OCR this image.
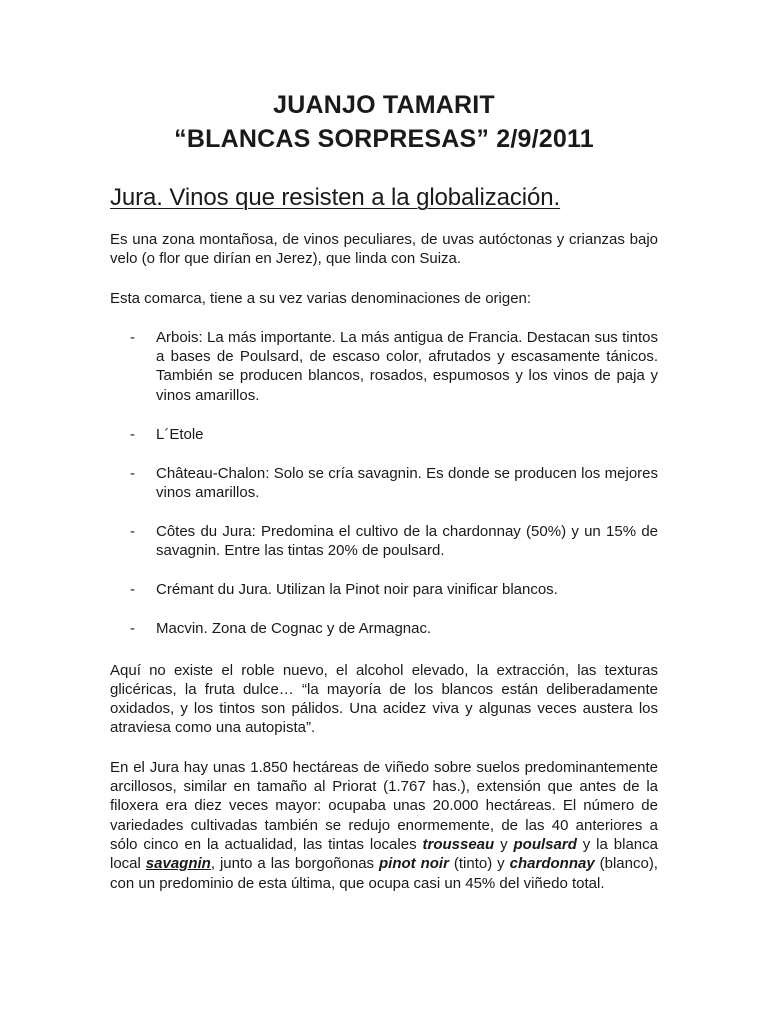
JUANJO TAMARIT
“BLANCAS SORPRESAS” 2/9/2011
Jura. Vinos que resisten a la globalización.

Es una zona montañosa, de vinos peculiares, de uvas autóctonas y crianzas bajo velo (o flor que dirían en Jerez), que linda con Suiza.

Esta comarca, tiene a su vez varias denominaciones de origen:

- Arbois: La más importante. La más antigua de Francia. Destacan sus tintos a bases de Poulsard, de escaso color, afrutados y escasamente tánicos. También se producen blancos, rosados, espumosos y los vinos de paja y vinos amarillos.
- L´Etole
- Château-Chalon: Solo se cría savagnin. Es donde se producen los mejores vinos amarillos.
- Côtes du Jura: Predomina el cultivo de la chardonnay (50%) y un 15% de savagnin. Entre las tintas 20% de poulsard.
- Crémant du Jura. Utilizan la Pinot noir para vinificar blancos.
- Macvin. Zona de Cognac y de Armagnac.

Aquí no existe el roble nuevo, el alcohol elevado, la extracción, las texturas glicéricas, la fruta dulce… “la mayoría de los blancos están deliberadamente oxidados, y los tintos son pálidos. Una acidez viva y algunas veces austera los atraviesa como una autopista”.

En el Jura hay unas 1.850 hectáreas de viñedo sobre suelos predominantemente arcillosos, similar en tamaño al Priorat (1.767 has.), extensión que antes de la filoxera era diez veces mayor: ocupaba unas 20.000 hectáreas. El número de variedades cultivadas también se redujo enormemente, de las 40 anteriores a sólo cinco en la actualidad, las tintas locales trousseau y poulsard y la blanca local savagnin, junto a las borgoñonas pinot noir (tinto) y chardonnay (blanco), con un predominio de esta última, que ocupa casi un 45% del viñedo total.
